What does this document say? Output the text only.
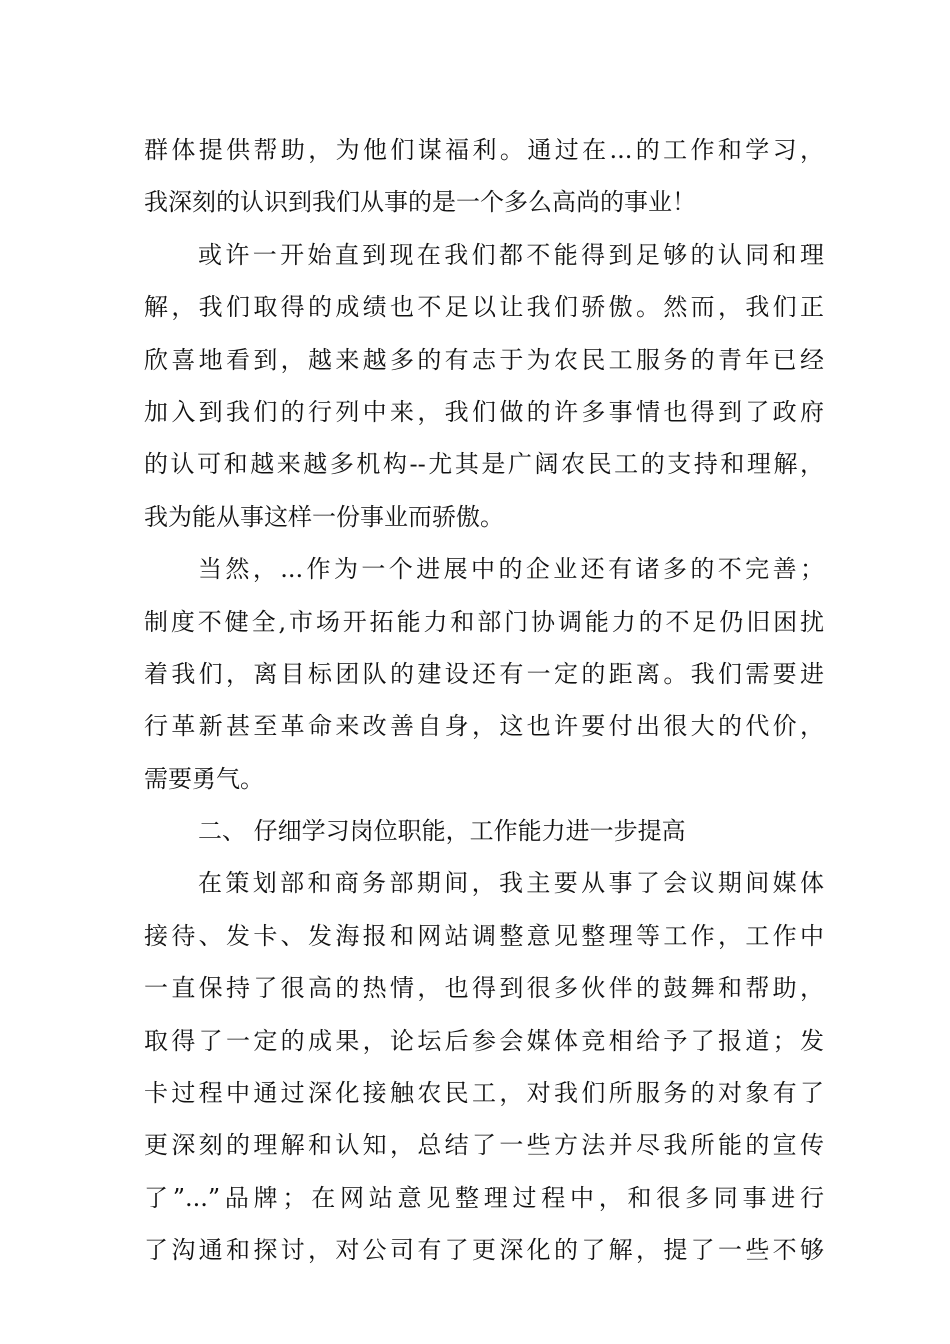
群体提供帮助，为他们谋福利。通过在...的工作和学习，
我深刻的认识到我们从事的是一个多么高尚的事业！
或许一开始直到现在我们都不能得到足够的认同和理
解，我们取得的成绩也不足以让我们骄傲。然而，我们正
欣喜地看到，越来越多的有志于为农民工服务的青年已经
加入到我们的行列中来，我们做的许多事情也得到了政府
的认可和越来越多机构--尤其是广阔农民工的支持和理解，
我为能从事这样一份事业而骄傲。
当然，...作为一个进展中的企业还有诸多的不完善；
制度不健全,市场开拓能力和部门协调能力的不足仍旧困扰
着我们，离目标团队的建设还有一定的距离。我们需要进
行革新甚至革命来改善自身，这也许要付出很大的代价，
需要勇气。
二、 仔细学习岗位职能，工作能力进一步提高
在策划部和商务部期间，我主要从事了会议期间媒体
接待、发卡、发海报和网站调整意见整理等工作，工作中
一直保持了很高的热情，也得到很多伙伴的鼓舞和帮助，
取得了一定的成果，论坛后参会媒体竞相给予了报道；发
卡过程中通过深化接触农民工，对我们所服务的对象有了
更深刻的理解和认知，总结了一些方法并尽我所能的宣传
了”...”品牌；在网站意见整理过程中，和很多同事进行
了沟通和探讨，对公司有了更深化的了解，提了一些不够
